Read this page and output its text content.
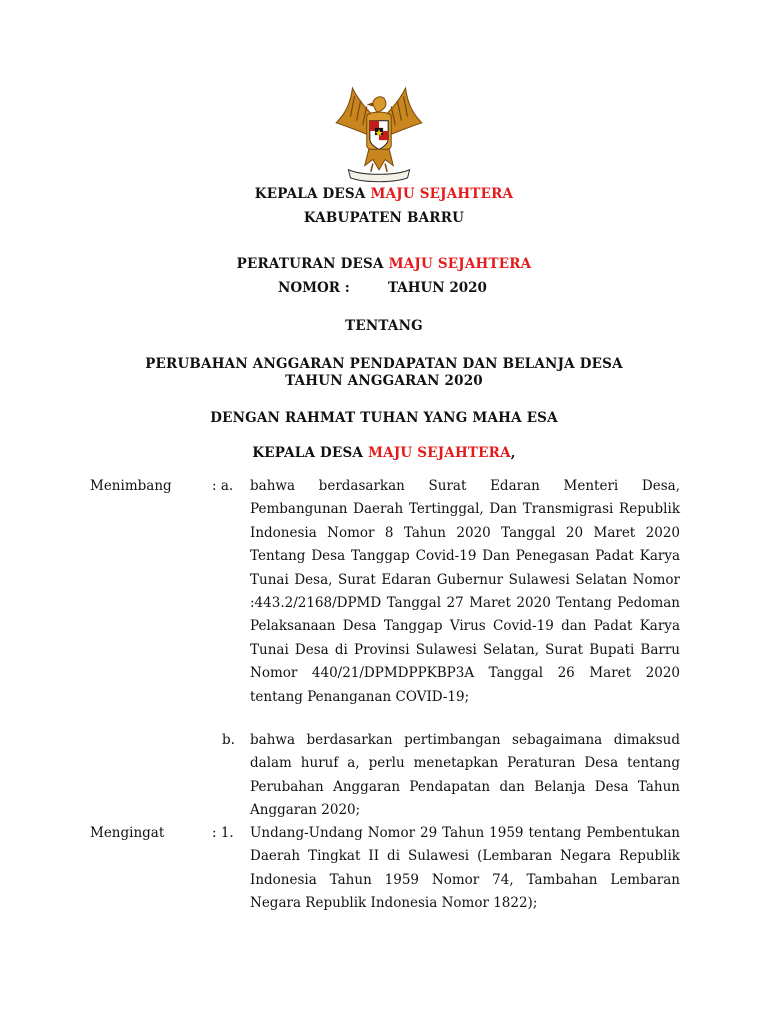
KEPALA DESA MAJU SEJAHTERA
KABUPATEN BARRU
PERATURAN DESA MAJU SEJAHTERA
NOMOR :	TAHUN 2020
TENTANG
PERUBAHAN ANGGARAN PENDAPATAN DAN BELANJA DESA
TAHUN ANGGARAN 2020
DENGAN RAHMAT TUHAN YANG MAHA ESA
KEPALA DESA MAJU SEJAHTERA,
Menimbang	: a. bahwa berdasarkan Surat Edaran Menteri Desa, Pembangunan Daerah Tertinggal, Dan Transmigrasi Republik Indonesia Nomor 8 Tahun 2020 Tanggal 20 Maret 2020 Tentang Desa Tanggap Covid-19 Dan Penegasan Padat Karya Tunai Desa, Surat Edaran Gubernur Sulawesi Selatan Nomor :443.2/2168/DPMD Tanggal 27 Maret 2020 Tentang Pedoman Pelaksanaan Desa Tanggap Virus Covid-19 dan Padat Karya Tunai Desa di Provinsi Sulawesi Selatan, Surat Bupati Barru Nomor 440/21/DPMDPPKBP3A Tanggal 26 Maret 2020 tentang Penanganan COVID-19;
b. bahwa berdasarkan pertimbangan sebagaimana dimaksud dalam huruf a, perlu menetapkan Peraturan Desa tentang Perubahan Anggaran Pendapatan dan Belanja Desa Tahun Anggaran 2020;
Mengingat	: 1. Undang-Undang Nomor 29 Tahun 1959 tentang Pembentukan Daerah Tingkat II di Sulawesi (Lembaran Negara Republik Indonesia Tahun 1959 Nomor 74, Tambahan Lembaran Negara Republik Indonesia Nomor 1822);
